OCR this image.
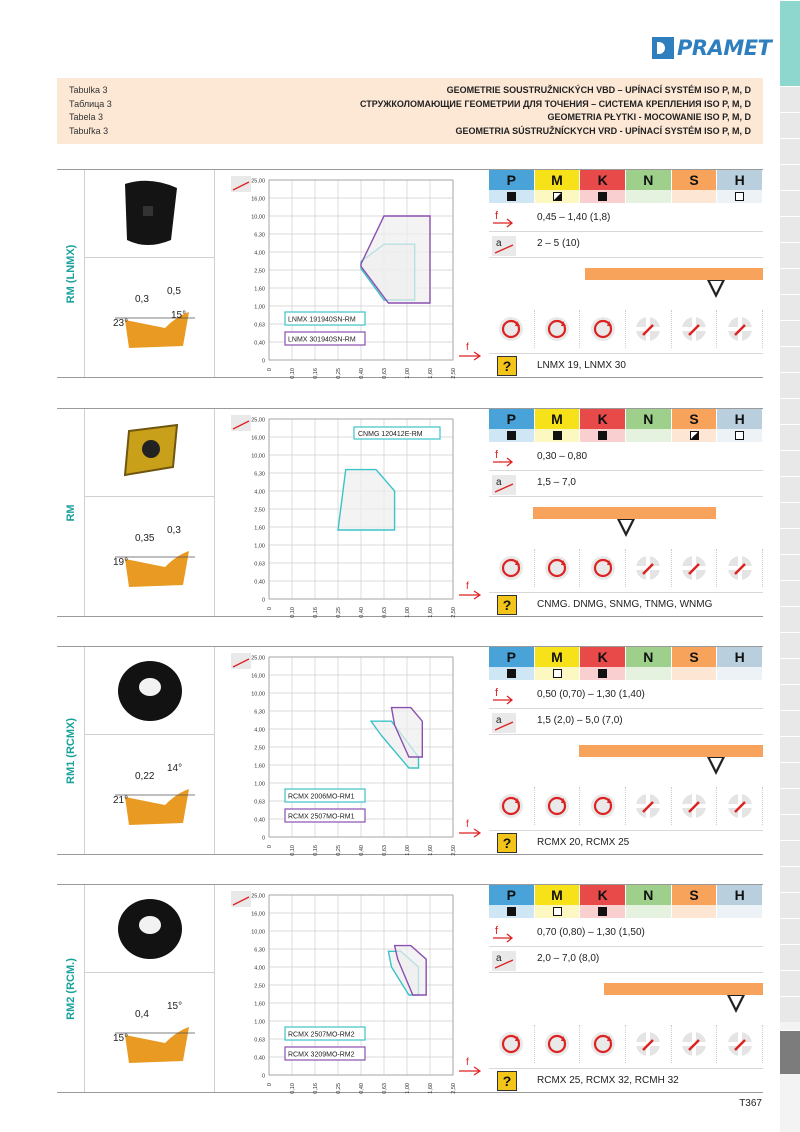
PRAMET
Tabulka 3
Таблица 3
Tabela 3
Tabuľka 3
GEOMETRIE SOUSTRUŽNICKÝCH VBD – UPÍNACÍ SYSTÉM ISO P, M, D
СТРУЖКОЛОМАЮЩИЕ ГЕОМЕТРИИ ДЛЯ ТОЧЕНИЯ – СИСТЕМА КРЕПЛЕНИЯ ISO P, M, D
GEOMETRIA PŁYTKI - MOCOWANIE ISO P, M, D
GEOMETRIA SÚSTRUŽNÍCKYCH VRD - UPÍNACÍ SYSTÉM ISO P, M, D
RM (LNMX)	0,3
0,5
23°
15°
25,00
16,00
10,00
6,30
4,00
2,50
1,60
1,00
0,63
0,40
0
0	0,10	0,16	0,25	0,40	0,63	1,00	1,60	2,50
LNMX 191940SN-RM
LNMX 301940SN-RM
f
P	M	K	N	S	H
f	0,45 – 1,40 (1,8)
a	2 – 5 (10)
?	LNMX 19, LNMX 30
RM
0,35
0,3
19°
25,00
16,00
10,00
6,30
4,00
2,50
1,60
1,00
0,63
0,40
0
0	0,10	0,16	0,25	0,40	0,63	1,00	1,60	2,50
CNMG 120412E-RM
f
P	M	K	N	S	H
f	0,30 – 0,80
a	1,5 – 7,0
?	CNMG. DNMG, SNMG, TNMG, WNMG
RM1 (RCMX)	0,22
14°
21°
25,00
16,00
10,00
6,30
4,00
2,50
1,60
1,00
0,63
0,40
0
0	0,10	0,16	0,25	0,40	0,63	1,00	1,60	2,50
RCMX 2006MO-RM1
RCMX 2507MO-RM1
f
P	M	K	N	S	H
f	0,50 (0,70) – 1,30 (1,40)
a	1,5 (2,0) – 5,0 (7,0)
?	RCMX 20, RCMX 25
RM2 (RCM.)	0,4
15°
15°
25,00
16,00
10,00
6,30
4,00
2,50
1,60
1,00
0,63
0,40
0
0	0,10	0,16	0,25	0,40	0,63	1,00	1,60	2,50
RCMX 2507MO-RM2
RCMX 3209MO-RM2
f
P	M	K	N	S	H
f	0,70 (0,80) – 1,30 (1,50)
a	2,0 – 7,0 (8,0)
?	RCMX 25, RCMX 32, RCMH 32
T367
